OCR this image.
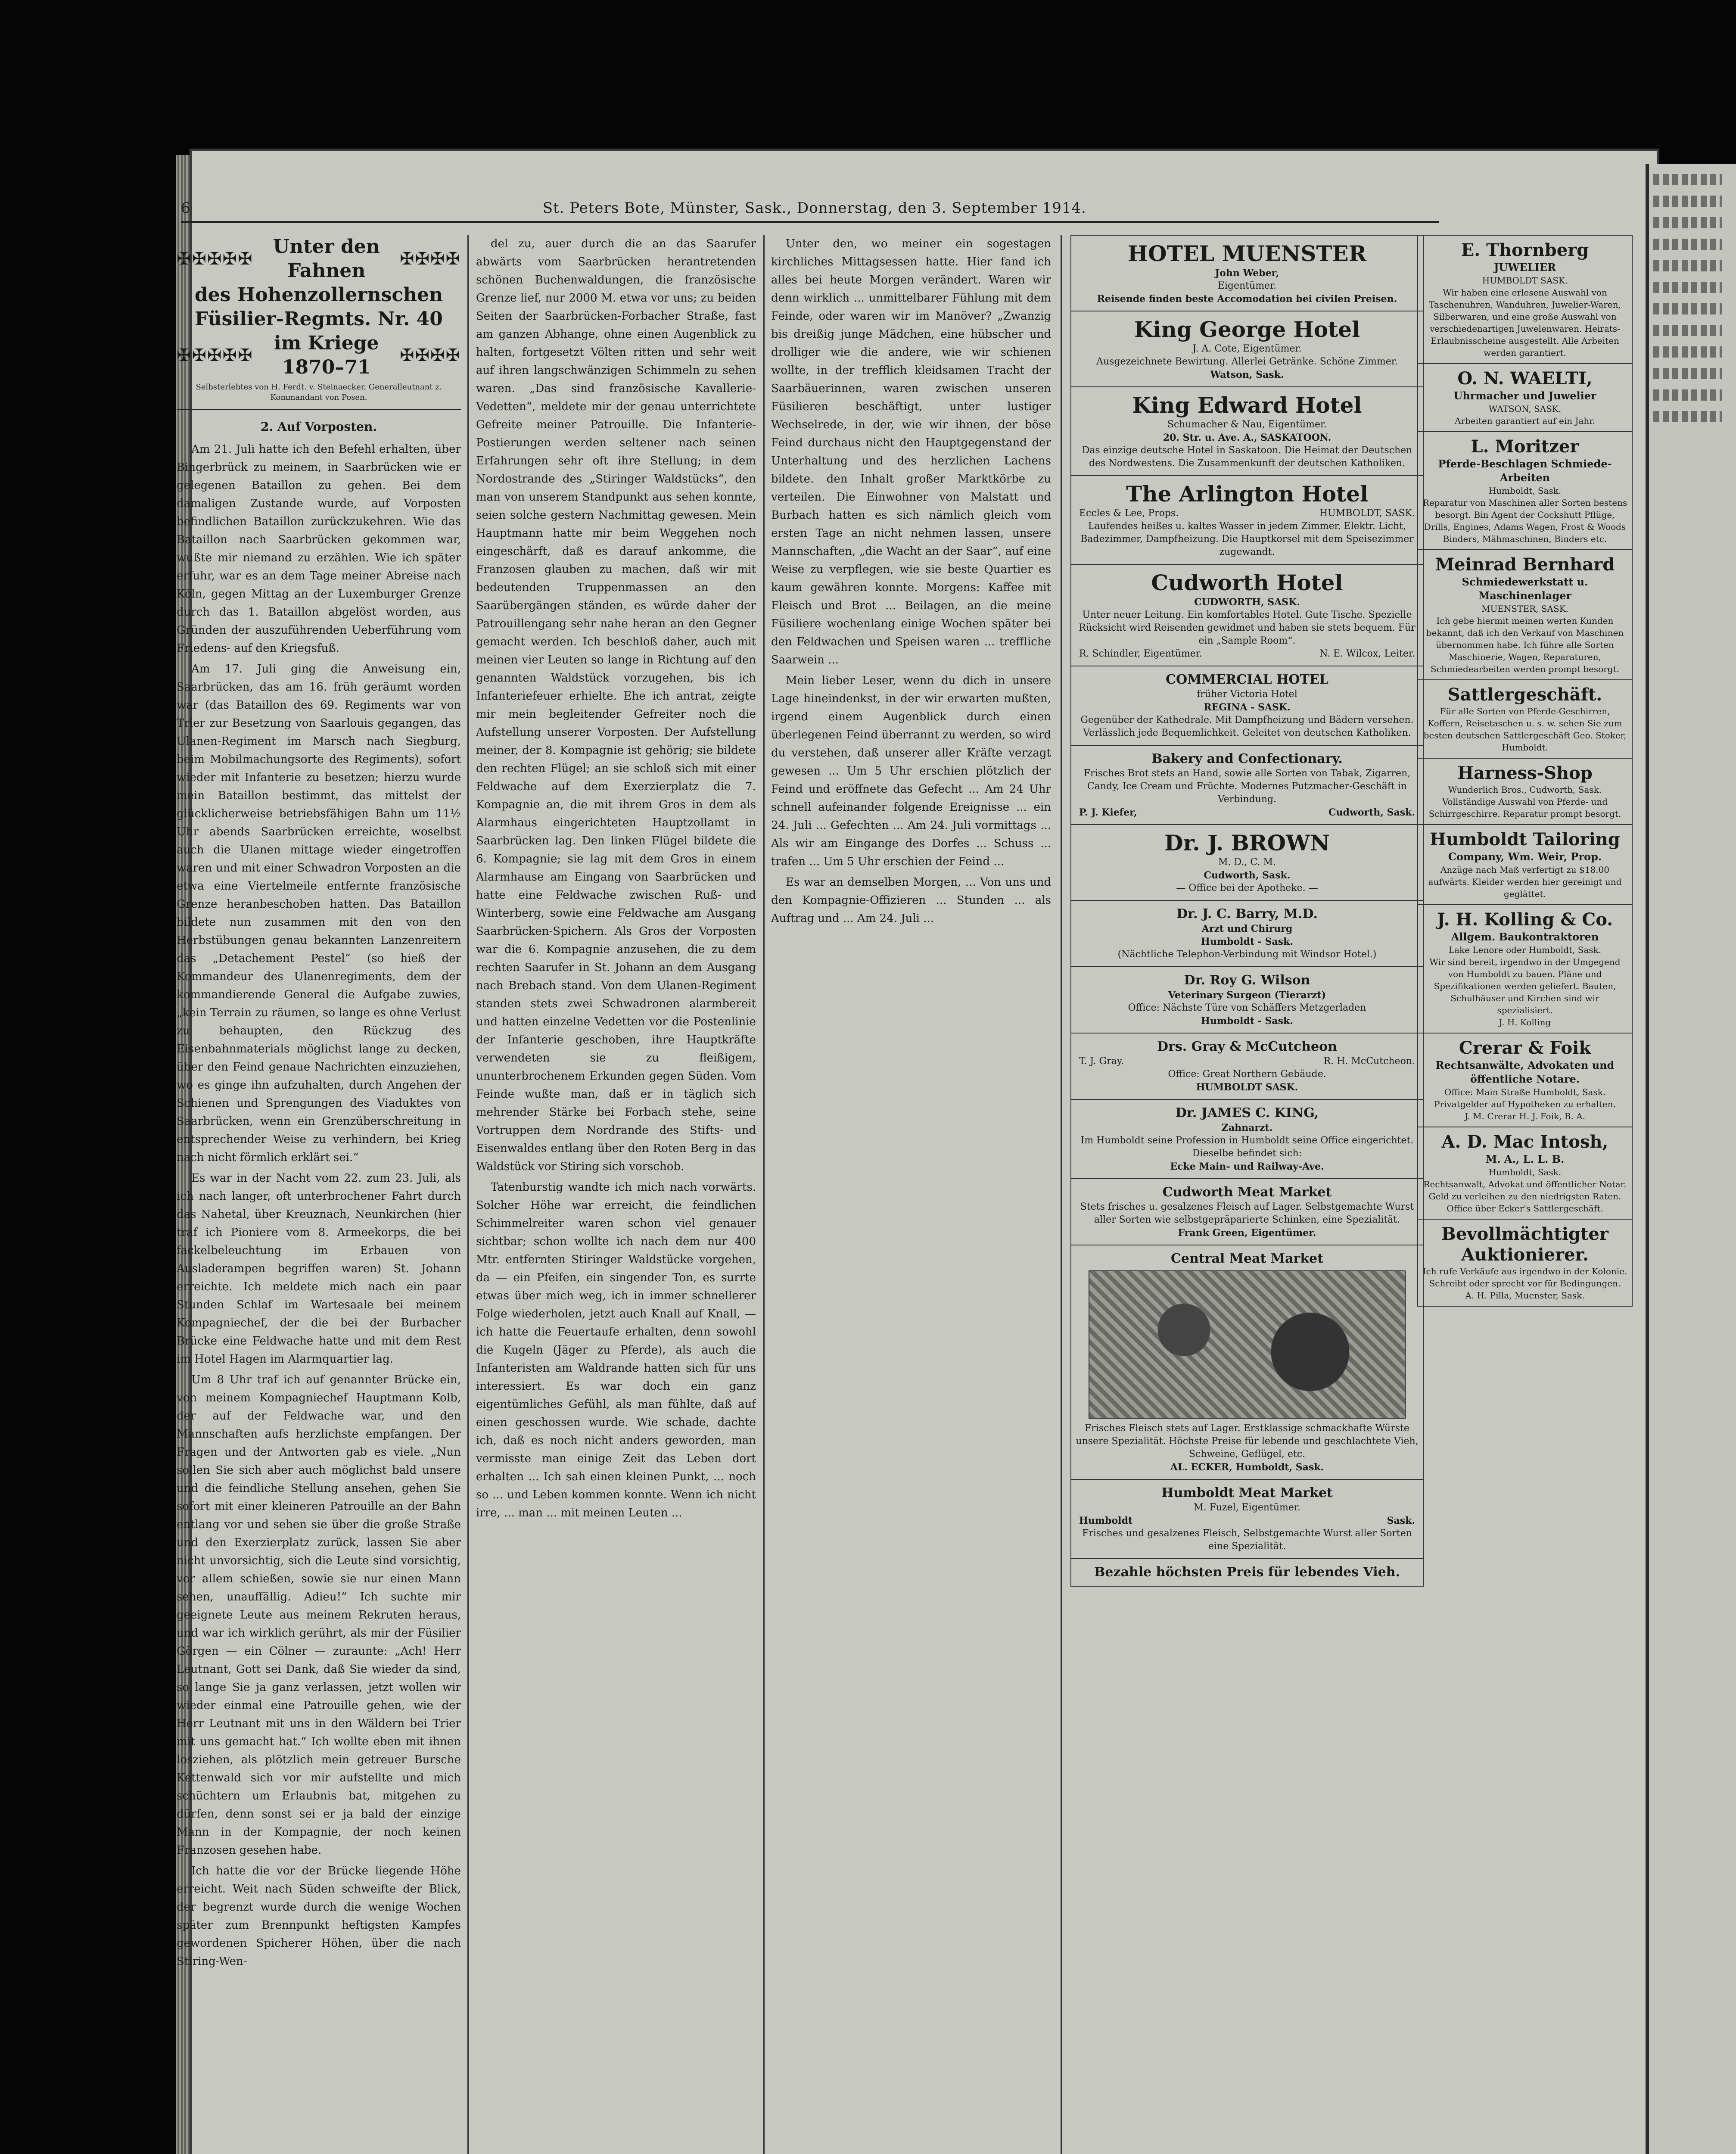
6	St. Peters Bote, Münster, Sask., Donnerstag, den 3. September 1914.
✠✠✠✠✠
Unter den Fahnen
✠✠✠✠
des Hohenzollernschen Füsilier-Regmts. Nr. 40
✠✠✠✠✠
im Kriege 1870–71
✠✠✠✠
Selbsterlebtes von H. Ferdt. v. Steinaecker, Generalleutnant z. Kommandant von Posen.
2. Auf Vorposten.

Am 21. Juli hatte ich den Befehl erhalten, über Bingerbrück zu meinem, in Saarbrücken wie er gelegenen Bataillon zu gehen. Bei dem damaligen Zustande wurde, auf Vorposten befindlichen Bataillon zurückzukehren. Wie das Bataillon nach Saarbrücken gekommen war, wußte mir niemand zu erzählen. Wie ich später erfuhr, war es an dem Tage meiner Abreise nach Köln, gegen Mittag an der Luxemburger Grenze durch das 1. Bataillon abgelöst worden, aus Gründen der auszuführenden Ueberführung vom Friedens- auf den Kriegsfuß.

Am 17. Juli ging die Anweisung ein, Saarbrücken, das am 16. früh geräumt worden war (das Bataillon des 69. Regiments war von Trier zur Besetzung von Saarlouis gegangen, das Ulanen-Regiment im Marsch nach Siegburg, beim Mobilmachungsorte des Regiments), sofort wieder mit Infanterie zu besetzen; hierzu wurde mein Bataillon bestimmt, das mittelst der glücklicherweise betriebsfähigen Bahn um 11½ Uhr abends Saarbrücken erreichte, woselbst auch die Ulanen mittage wieder eingetroffen waren und mit einer Schwadron Vorposten an die etwa eine Viertelmeile entfernte französische Grenze heranbeschoben hatten. Das Bataillon bildete nun zusammen mit den von den Herbstübungen genau bekannten Lanzenreitern das „Detachement Pestel“ (so hieß der Kommandeur des Ulanenregiments, dem der kommandierende General die Aufgabe zuwies, „kein Terrain zu räumen, so lange es ohne Verlust zu behaupten, den Rückzug des Eisenbahnmaterials möglichst lange zu decken, über den Feind genaue Nachrichten einzuziehen, wo es ginge ihn aufzuhalten, durch Angehen der Schienen und Sprengungen des Viaduktes von Saarbrücken, wenn ein Grenzüberschreitung in entsprechender Weise zu verhindern, bei Krieg nach nicht förmlich erklärt sei.“

Es war in der Nacht vom 22. zum 23. Juli, als ich nach langer, oft unterbrochener Fahrt durch das Nahetal, über Kreuznach, Neunkirchen (hier traf ich Pioniere vom 8. Armeekorps, die bei fackelbeleuchtung im Erbauen von Ausladerampen begriffen waren) St. Johann erreichte. Ich meldete mich nach ein paar Stunden Schlaf im Wartesaale bei meinem Kompagniechef, der die bei der Burbacher Brücke eine Feldwache hatte und mit dem Rest im Hotel Hagen im Alarmquartier lag.

Um 8 Uhr traf ich auf genannter Brücke ein, von meinem Kompagniechef Hauptmann Kolb, der auf der Feldwache war, und den Mannschaften aufs herzlichste empfangen. Der Fragen und der Antworten gab es viele. „Nun sollen Sie sich aber auch möglichst bald unsere und die feindliche Stellung ansehen, gehen Sie sofort mit einer kleineren Patrouille an der Bahn entlang vor und sehen sie über die große Straße und den Exerzierplatz zurück, lassen Sie aber nicht unvorsichtig, sich die Leute sind vorsichtig, vor allem schießen, sowie sie nur einen Mann sehen, unauffällig. Adieu!“ Ich suchte mir geeignete Leute aus meinem Rekruten heraus, und war ich wirklich gerührt, als mir der Füsilier Görgen — ein Cölner — zuraunte: „Ach! Herr Leutnant, Gott sei Dank, daß Sie wieder da sind, so lange Sie ja ganz verlassen, jetzt wollen wir wieder einmal eine Patrouille gehen, wie der Herr Leutnant mit uns in den Wäldern bei Trier mit uns gemacht hat.“ Ich wollte eben mit ihnen losziehen, als plötzlich mein getreuer Bursche Kettenwald sich vor mir aufstellte und mich schüchtern um Erlaubnis bat, mitgehen zu dürfen, denn sonst sei er ja bald der einzige Mann in der Kompagnie, der noch keinen Franzosen gesehen habe.

Ich hatte die vor der Brücke liegende Höhe erreicht. Weit nach Süden schweifte der Blick, der begrenzt wurde durch die wenige Wochen später zum Brennpunkt heftigsten Kampfes gewordenen Spicherer Höhen, über die nach Stiring-Wen-

del zu, auer durch die an das Saarufer abwärts vom Saarbrücken herantretenden schönen Buchenwaldungen, die französische Grenze lief, nur 2000 M. etwa vor uns; zu beiden Seiten der Saarbrücken-Forbacher Straße, fast am ganzen Abhange, ohne einen Augenblick zu halten, fortgesetzt Völten ritten und sehr weit auf ihren langschwänzigen Schimmeln zu sehen waren. „Das sind französische Kavallerie-Vedetten“, meldete mir der genau unterrichtete Gefreite meiner Patrouille. Die Infanterie-Postierungen werden seltener nach seinen Erfahrungen sehr oft ihre Stellung; in dem Nordostrande des „Stiringer Waldstücks“, den man von unserem Standpunkt aus sehen konnte, seien solche gestern Nachmittag gewesen. Mein Hauptmann hatte mir beim Weggehen noch eingeschärft, daß es darauf ankomme, die Franzosen glauben zu machen, daß wir mit bedeutenden Truppenmassen an den Saarübergängen ständen, es würde daher der Patrouillengang sehr nahe heran an den Gegner gemacht werden. Ich beschloß daher, auch mit meinen vier Leuten so lange in Richtung auf den genannten Waldstück vorzugehen, bis ich Infanteriefeuer erhielte. Ehe ich antrat, zeigte mir mein begleitender Gefreiter noch die Aufstellung unserer Vorposten. Der Aufstellung meiner, der 8. Kompagnie ist gehörig; sie bildete den rechten Flügel; an sie schloß sich mit einer Feldwache auf dem Exerzierplatz die 7. Kompagnie an, die mit ihrem Gros in dem als Alarmhaus eingerichteten Hauptzollamt in Saarbrücken lag. Den linken Flügel bildete die 6. Kompagnie; sie lag mit dem Gros in einem Alarmhause am Eingang von Saarbrücken und hatte eine Feldwache zwischen Ruß- und Winterberg, sowie eine Feldwache am Ausgang Saarbrücken-Spichern. Als Gros der Vorposten war die 6. Kompagnie anzusehen, die zu dem rechten Saarufer in St. Johann an dem Ausgang nach Brebach stand. Von dem Ulanen-Regiment standen stets zwei Schwadronen alarmbereit und hatten einzelne Vedetten vor die Postenlinie der Infanterie geschoben, ihre Hauptkräfte verwendeten sie zu fleißigem, ununterbrochenem Erkunden gegen Süden. Vom Feinde wußte man, daß er in täglich sich mehrender Stärke bei Forbach stehe, seine Vortruppen dem Nordrande des Stifts- und Eisenwaldes entlang über den Roten Berg in das Waldstück vor Stiring sich vorschob.

Tatenburstig wandte ich mich nach vorwärts. Solcher Höhe war erreicht, die feindlichen Schimmelreiter waren schon viel genauer sichtbar; schon wollte ich nach dem nur 400 Mtr. entfernten Stiringer Waldstücke vorgehen, da — ein Pfeifen, ein singender Ton, es surrte etwas über mich weg, ich in immer schnellerer Folge wiederholen, jetzt auch Knall auf Knall, — ich hatte die Feuertaufe erhalten, denn sowohl die Kugeln (Jäger zu Pferde), als auch die Infanteristen am Waldrande hatten sich für uns interessiert. Es war doch ein ganz eigentümliches Gefühl, als man fühlte, daß auf einen geschossen wurde. Wie schade, dachte ich, daß es noch nicht anders geworden, man vermisste man einige Zeit das Leben dort erhalten ... Ich sah einen kleinen Punkt, ... noch so ... und Leben kommen konnte. Wenn ich nicht irre, ... man ... mit meinen Leuten ...

Unter den, wo meiner ein sogestagen kirchliches Mittagsessen hatte. Hier fand ich alles bei heute Morgen verändert. Waren wir denn wirklich ... unmittelbarer Fühlung mit dem Feinde, oder waren wir im Manöver? „Zwanzig bis dreißig junge Mädchen, eine hübscher und drolliger wie die andere, wie wir schienen wollte, in der trefflich kleidsamen Tracht der Saarbäuerinnen, waren zwischen unseren Füsilieren beschäftigt, unter lustiger Wechselrede, in der, wie wir ihnen, der böse Feind durchaus nicht den Hauptgegenstand der Unterhaltung und des herzlichen Lachens bildete. den Inhalt großer Marktkörbe zu verteilen. Die Einwohner von Malstatt und Burbach hatten es sich nämlich gleich vom ersten Tage an nicht nehmen lassen, unsere Mannschaften, „die Wacht an der Saar“, auf eine Weise zu verpflegen, wie sie beste Quartier es kaum gewähren konnte. Morgens: Kaffee mit Fleisch und Brot ... Beilagen, an die meine Füsiliere wochenlang einige Wochen später bei den Feldwachen und Speisen waren ... treffliche Saarwein ...

Mein lieber Leser, wenn du dich in unsere Lage hineindenkst, in der wir erwarten mußten, irgend einem Augenblick durch einen überlegenen Feind überrannt zu werden, so wird du verstehen, daß unserer aller Kräfte verzagt gewesen ... Um 5 Uhr erschien plötzlich der Feind und eröffnete das Gefecht ... Am 24 Uhr schnell aufeinander folgende Ereignisse ... ein 24. Juli ... Gefechten ... Am 24. Juli vormittags ... Als wir am Eingange des Dorfes ... Schuss ... trafen ... Um 5 Uhr erschien der Feind ...

Es war an demselben Morgen, ... Von uns und den Kompagnie-Offizieren ... Stunden ... als Auftrag und ... Am 24. Juli ...

HOTEL MUENSTER
John Weber,
Eigentümer.
Reisende finden beste Accomodation bei civilen Preisen.
King George Hotel
J. A. Cote, Eigentümer.
Ausgezeichnete Bewirtung. Allerlei Getränke. Schöne Zimmer.
Watson, Sask.
King Edward Hotel
Schumacher & Nau, Eigentümer.
20. Str. u. Ave. A., SASKATOON.
Das einzige deutsche Hotel in Saskatoon. Die Heimat der Deutschen des Nordwestens. Die Zusammenkunft der deutschen Katholiken.
The Arlington Hotel
Eccles & Lee, Props.	HUMBOLDT, SASK.
Laufendes heißes u. kaltes Wasser in jedem Zimmer. Elektr. Licht, Badezimmer, Dampfheizung. Die Hauptkorsel mit dem Speisezimmer zugewandt.
Cudworth Hotel
CUDWORTH, SASK.
Unter neuer Leitung. Ein komfortables Hotel. Gute Tische. Spezielle Rücksicht wird Reisenden gewidmet und haben sie stets bequem. Für ein „Sample Room“.
R. Schindler, Eigentümer.	N. E. Wilcox, Leiter.
COMMERCIAL HOTEL
früher Victoria Hotel
REGINA - SASK.
Gegenüber der Kathedrale. Mit Dampfheizung und Bädern versehen. Verlässlich jede Bequemlichkeit. Geleitet von deutschen Katholiken.
Bakery and Confectionary.
Frisches Brot stets an Hand, sowie alle Sorten von Tabak, Zigarren, Candy, Ice Cream und Früchte. Modernes Putzmacher-Geschäft in Verbindung.
P. J. Kiefer,	Cudworth, Sask.
Dr. J. BROWN
M. D., C. M.
Cudworth, Sask.
— Office bei der Apotheke. —
Dr. J. C. Barry, M.D.
Arzt und Chirurg
Humboldt - Sask.
(Nächtliche Telephon-Verbindung mit Windsor Hotel.)
Dr. Roy G. Wilson
Veterinary Surgeon (Tierarzt)
Office: Nächste Türe von Schäffers Metzgerladen
Humboldt - Sask.
Drs. Gray & McCutcheon
T. J. Gray.	R. H. McCutcheon.
Office: Great Northern Gebäude.
HUMBOLDT SASK.
Dr. JAMES C. KING,
Zahnarzt.
Im Humboldt seine Profession in Humboldt seine Office eingerichtet. Dieselbe befindet sich:
Ecke Main- und Railway-Ave.
Cudworth Meat Market
Stets frisches u. gesalzenes Fleisch auf Lager. Selbstgemachte Wurst aller Sorten wie selbstgepräparierte Schinken, eine Spezialität.
Frank Green, Eigentümer.
Central Meat Market
Frisches Fleisch stets auf Lager. Erstklassige schmackhafte Würste unsere Spezialität. Höchste Preise für lebende und geschlachtete Vieh, Schweine, Geflügel, etc.
AL. ECKER, Humboldt, Sask.
Humboldt Meat Market
M. Fuzel, Eigentümer.
Humboldt	Sask.
Frisches und gesalzenes Fleisch, Selbstgemachte Wurst aller Sorten eine Spezialität.
Bezahle höchsten Preis für lebendes Vieh.
E. Thornberg
JUWELIER
HUMBOLDT SASK.
Wir haben eine erlesene Auswahl von Taschenuhren, Wanduhren, Juwelier-Waren, Silberwaren, und eine große Auswahl von verschiedenartigen Juwelenwaren. Heirats-Erlaubnisscheine ausgestellt. Alle Arbeiten werden garantiert.
O. N. WAELTI,
Uhrmacher und Juwelier
WATSON, SASK.
Arbeiten garantiert auf ein Jahr.
L. Moritzer
Pferde-Beschlagen Schmiede-Arbeiten
Humboldt, Sask.
Reparatur von Maschinen aller Sorten bestens besorgt. Bin Agent der Cockshutt Pflüge, Drills, Engines, Adams Wagen, Frost & Woods Binders, Mähmaschinen, Binders etc.
Meinrad Bernhard
Schmiedewerkstatt u. Maschinenlager
MUENSTER, SASK.
Ich gebe hiermit meinen werten Kunden bekannt, daß ich den Verkauf von Maschinen übernommen habe. Ich führe alle Sorten Maschinerie, Wagen, Reparaturen, Schmiedearbeiten werden prompt besorgt.
Sattlergeschäft.
Für alle Sorten von Pferde-Geschirren, Koffern, Reisetaschen u. s. w. sehen Sie zum besten deutschen Sattlergeschäft Geo. Stoker, Humboldt.
Harness-Shop
Wunderlich Bros., Cudworth, Sask.
Vollständige Auswahl von Pferde- und Schirrgeschirre. Reparatur prompt besorgt.
Humboldt Tailoring
Company, Wm. Weir, Prop.
Anzüge nach Maß verfertigt zu $18.00 aufwärts. Kleider werden hier gereinigt und geglättet.
J. H. Kolling & Co.
Allgem. Baukontraktoren
Lake Lenore oder Humboldt, Sask.
Wir sind bereit, irgendwo in der Umgegend von Humboldt zu bauen. Pläne und Spezifikationen werden geliefert. Bauten, Schulhäuser und Kirchen sind wir spezialisiert.
J. H. Kolling
Crerar & Foik
Rechtsanwälte, Advokaten und öffentliche Notare.
Office: Main Straße Humboldt, Sask. Privatgelder auf Hypotheken zu erhalten.
J. M. Crerar H. J. Foik, B. A.
A. D. Mac Intosh,
M. A., L. L. B.
Humboldt, Sask.
Rechtsanwalt, Advokat und öffentlicher Notar. Geld zu verleihen zu den niedrigsten Raten. Office über Ecker's Sattlergeschäft.
Bevollmächtigter Auktionierer.
Ich rufe Verkäufe aus irgendwo in der Kolonie. Schreibt oder sprecht vor für Bedingungen.
A. H. Pilla, Muenster, Sask.
